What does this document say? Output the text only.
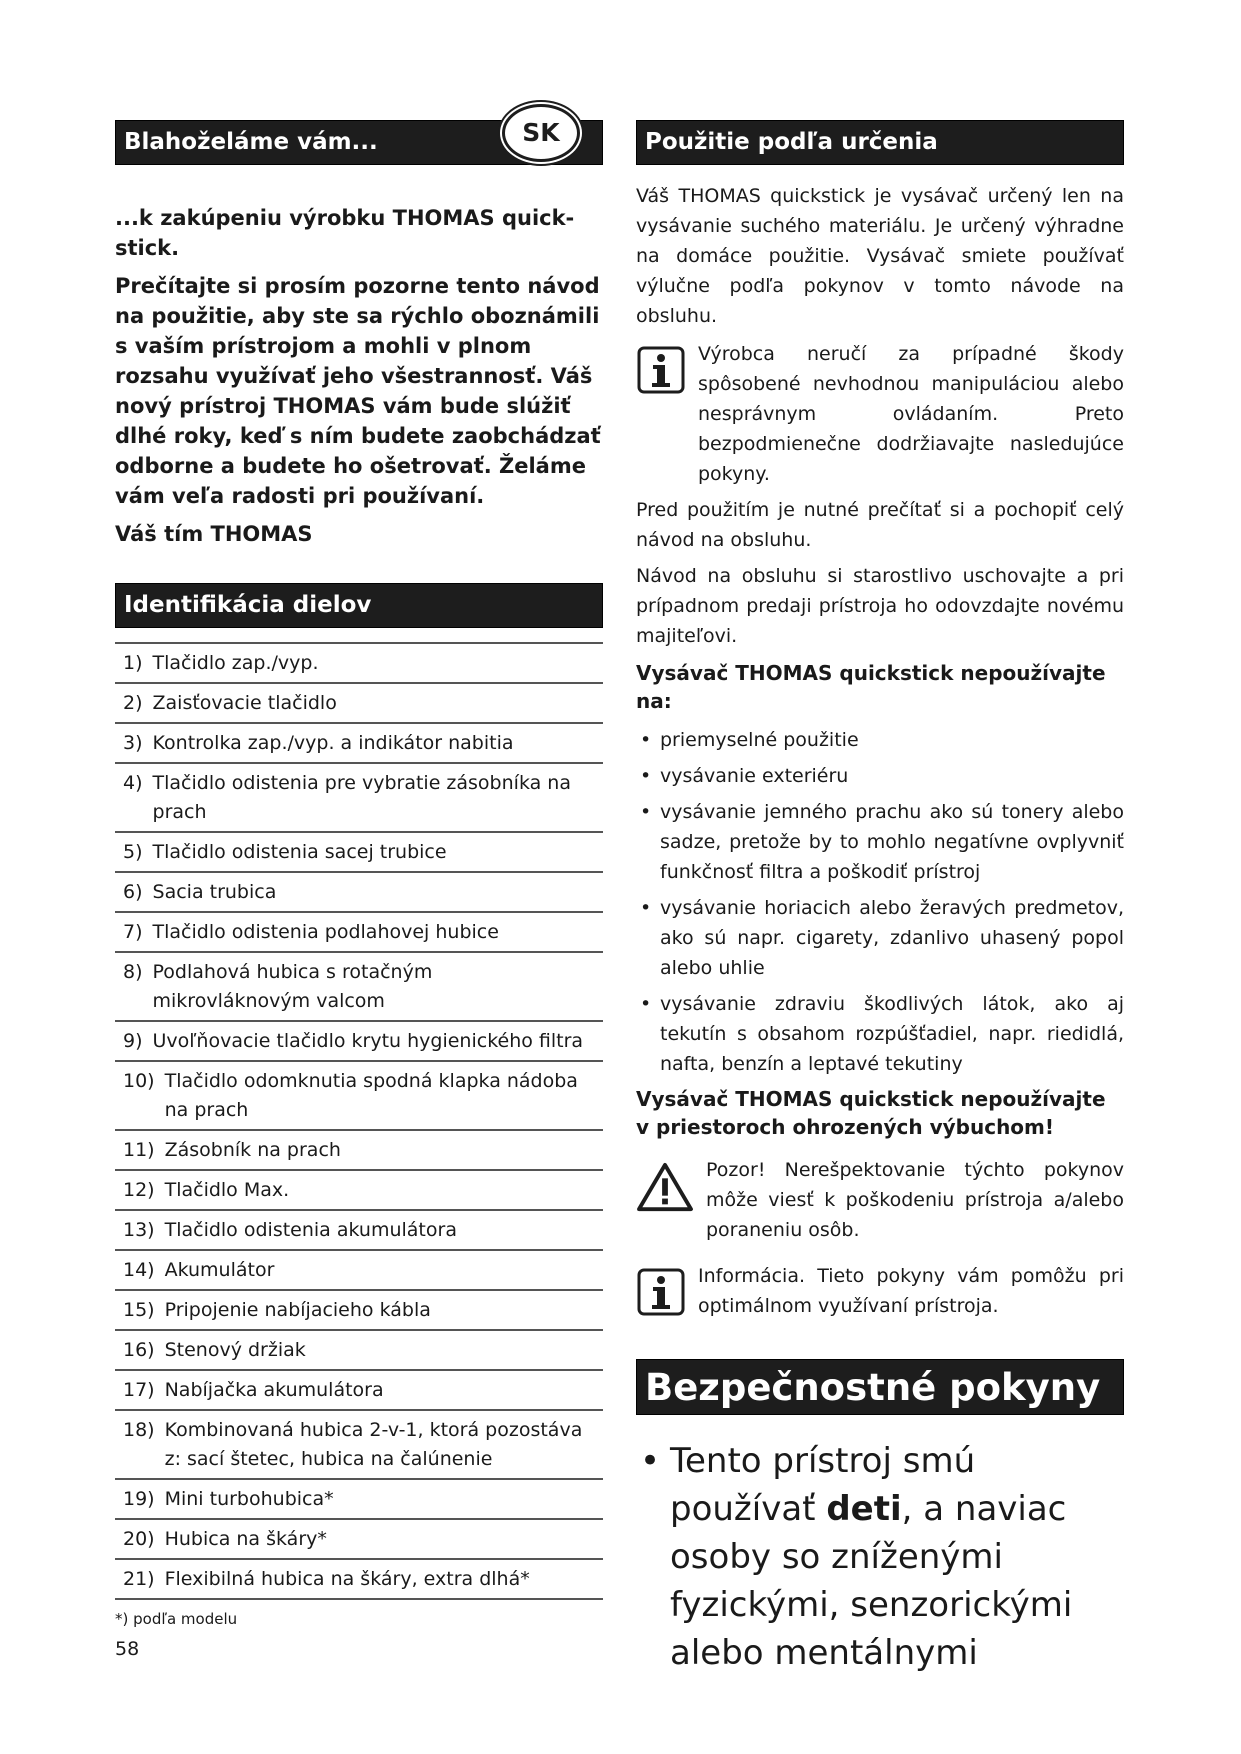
Blahoželáme vám...	SK

...k zakúpeniu výrobku THOMAS quick-stick.

Prečítajte si prosím pozorne tento návod na použitie, aby ste sa rýchlo oboznámili s vaším prístrojom a mohli v plnom rozsahu využívať jeho všestrannosť. Váš nový prístroj THOMAS vám bude slúžiť dlhé roky, keď s ním budete zaobchádzať odborne a budete ho ošetrovať. Želáme vám veľa radosti pri používaní.

Váš tím THOMAS

Identifikácia dielov
1) Tlačidlo zap./vyp.
2) Zaisťovacie tlačidlo
3) Kontrolka zap./vyp. a indikátor nabitia
4) Tlačidlo odistenia pre vybratie zásobníka na prach
5) Tlačidlo odistenia sacej trubice
6) Sacia trubica
7) Tlačidlo odistenia podlahovej hubice
8) Podlahová hubica s rotačným mikrovláknovým valcom
9) Uvoľňovacie tlačidlo krytu hygienického filtra
10) Tlačidlo odomknutia spodná klapka nádoba na prach
11) Zásobník na prach
12) Tlačidlo Max.
13) Tlačidlo odistenia akumulátora
14) Akumulátor
15) Pripojenie nabíjacieho kábla
16) Stenový držiak
17) Nabíjačka akumulátora
18) Kombinovaná hubica 2-v-1, ktorá pozostáva z: sací štetec, hubica na čalúnenie
19) Mini turbohubica*
20) Hubica na škáry*
21) Flexibilná hubica na škáry, extra dlhá*
*) podľa modelu
Použitie podľa určenia

Váš THOMAS quickstick je vysávač určený len na vysávanie suchého materiálu. Je určený výhradne na domáce použitie. Vysávač smiete používať výlučne podľa pokynov v tomto návode na obsluhu.

Výrobca neručí za prípadné škody spôsobené nevhodnou manipuláciou alebo nesprávnym ovládaním. Preto bezpodmienečne dodržiavajte nasledujúce pokyny.

Pred použitím je nutné prečítať si a pochopiť celý návod na obsluhu.

Návod na obsluhu si starostlivo uschovajte a pri prípadnom predaji prístroja ho odovzdajte novému majiteľovi.

Vysávač THOMAS quickstick nepoužívajte na:

• priemyselné použitie
• vysávanie exteriéru
• vysávanie jemného prachu ako sú tonery alebo sadze, pretože by to mohlo negatívne ovplyvniť funkčnosť filtra a poškodiť prístroj
• vysávanie horiacich alebo žeravých predmetov, ako sú napr. cigarety, zdanlivo uhasený popol alebo uhlie
• vysávanie zdraviu škodlivých látok, ako aj tekutín s obsahom rozpúšťadiel, napr. riedidlá, nafta, benzín a leptavé tekutiny

Vysávač THOMAS quickstick nepoužívajte v priestoroch ohrozených výbuchom!

Pozor! Nerešpektovanie týchto pokynov môže viesť k poškodeniu prístroja a/alebo poraneniu osôb.

Informácia. Tieto pokyny vám pomôžu pri optimálnom využívaní prístroja.

Bezpečnostné pokyny
• Tento prístroj smú používať deti, a naviac osoby so zníženými fyzickými, senzorickými alebo mentálnymi
58
